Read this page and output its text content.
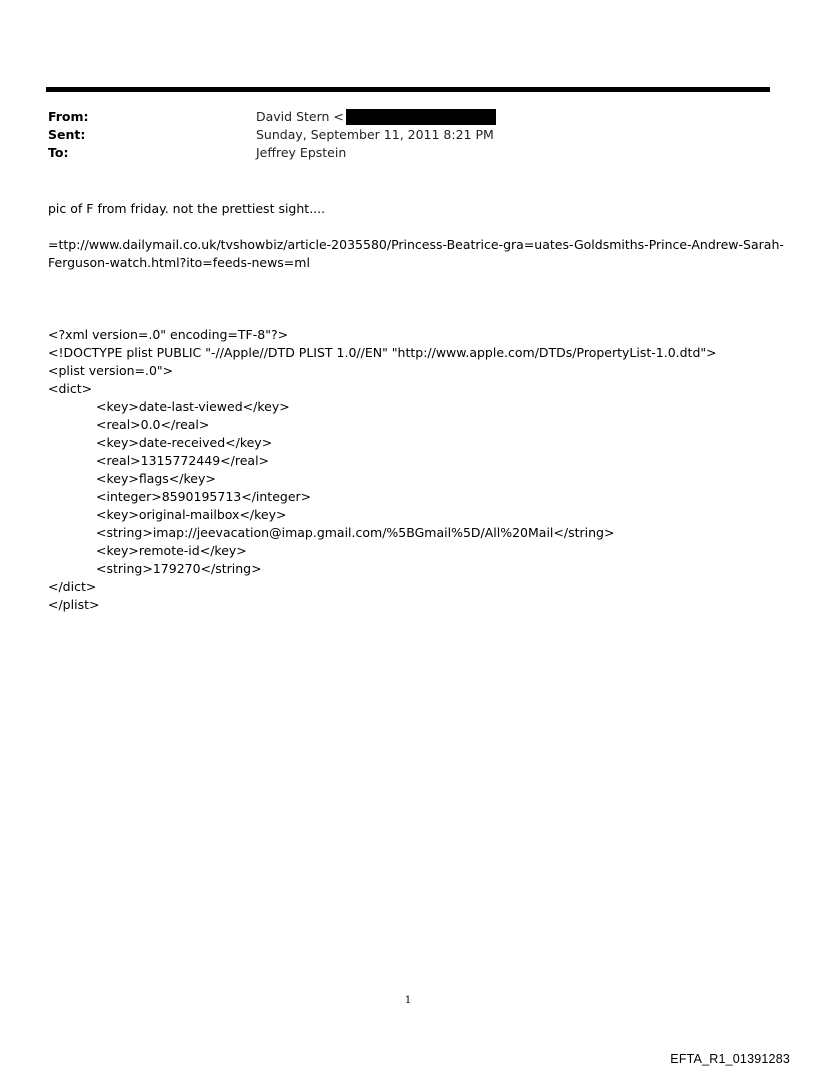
From:	David Stern <
Sent:	Sunday, September 11, 2011 8:21 PM
To:	Jeffrey Epstein

pic of F from friday. not the prettiest sight....

=ttp://www.dailymail.co.uk/tvshowbiz/article-2035580/Princess-Beatrice-gra=uates-Goldsmiths-Prince-Andrew-Sarah-

Ferguson-watch.html?ito=feeds-news=ml

<?xml version=.0" encoding=TF-8"?>

<!DOCTYPE plist PUBLIC "-//Apple//DTD PLIST 1.0//EN" "http://www.apple.com/DTDs/PropertyList-1.0.dtd">

<plist version=.0">

<dict>

<key>date-last-viewed</key>

<real>0.0</real>

<key>date-received</key>

<real>1315772449</real>

<key>flags</key>

<integer>8590195713</integer>

<key>original-mailbox</key>

<string>imap://jeevacation@imap.gmail.com/%5BGmail%5D/All%20Mail</string>

<key>remote-id</key>

<string>179270</string>

</dict>

</plist>

1
EFTA_R1_01391283
